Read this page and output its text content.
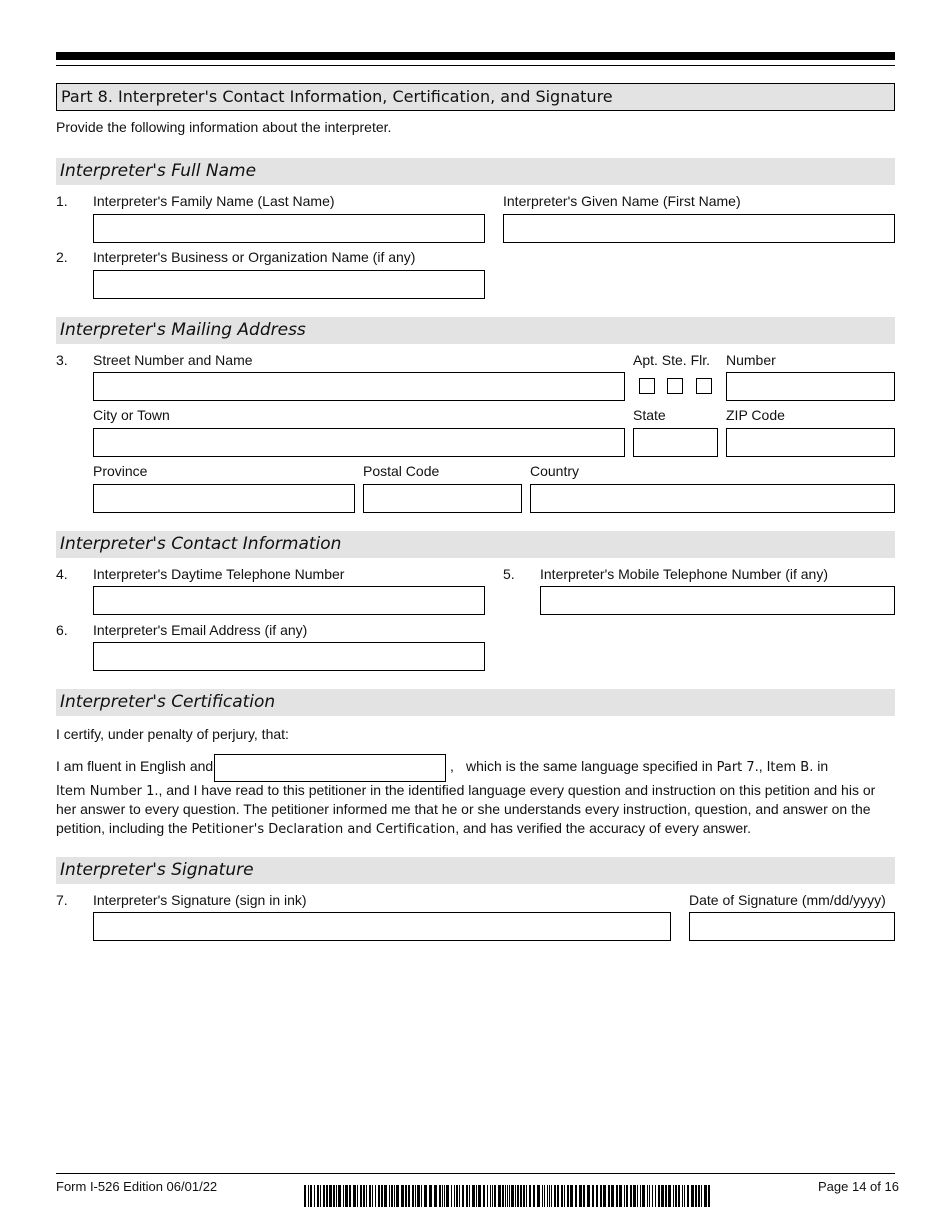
Part 8. Interpreter's Contact Information, Certification, and Signature
Provide the following information about the interpreter.
Interpreter's Full Name
1. Interpreter's Family Name (Last Name)	Interpreter's Given Name (First Name)
2. Interpreter's Business or Organization Name (if any)
Interpreter's Mailing Address
3. Street Number and Name	Apt. Ste. Flr. Number
City or Town	State	ZIP Code
Province	Postal Code	Country
Interpreter's Contact Information
4. Interpreter's Daytime Telephone Number	5. Interpreter's Mobile Telephone Number (if any)
6. Interpreter's Email Address (if any)
Interpreter's Certification
I certify, under penalty of perjury, that:
I am fluent in English and	, which is the same language specified in Part 7., Item B. in
Item Number 1., and I have read to this petitioner in the identified language every question and instruction on this petition and his or
her answer to every question. The petitioner informed me that he or she understands every instruction, question, and answer on the
petition, including the Petitioner's Declaration and Certification, and has verified the accuracy of every answer.
Interpreter's Signature
7. Interpreter's Signature (sign in ink)	Date of Signature (mm/dd/yyyy)
Form I-526 Edition 06/01/22	Page 14 of 16
